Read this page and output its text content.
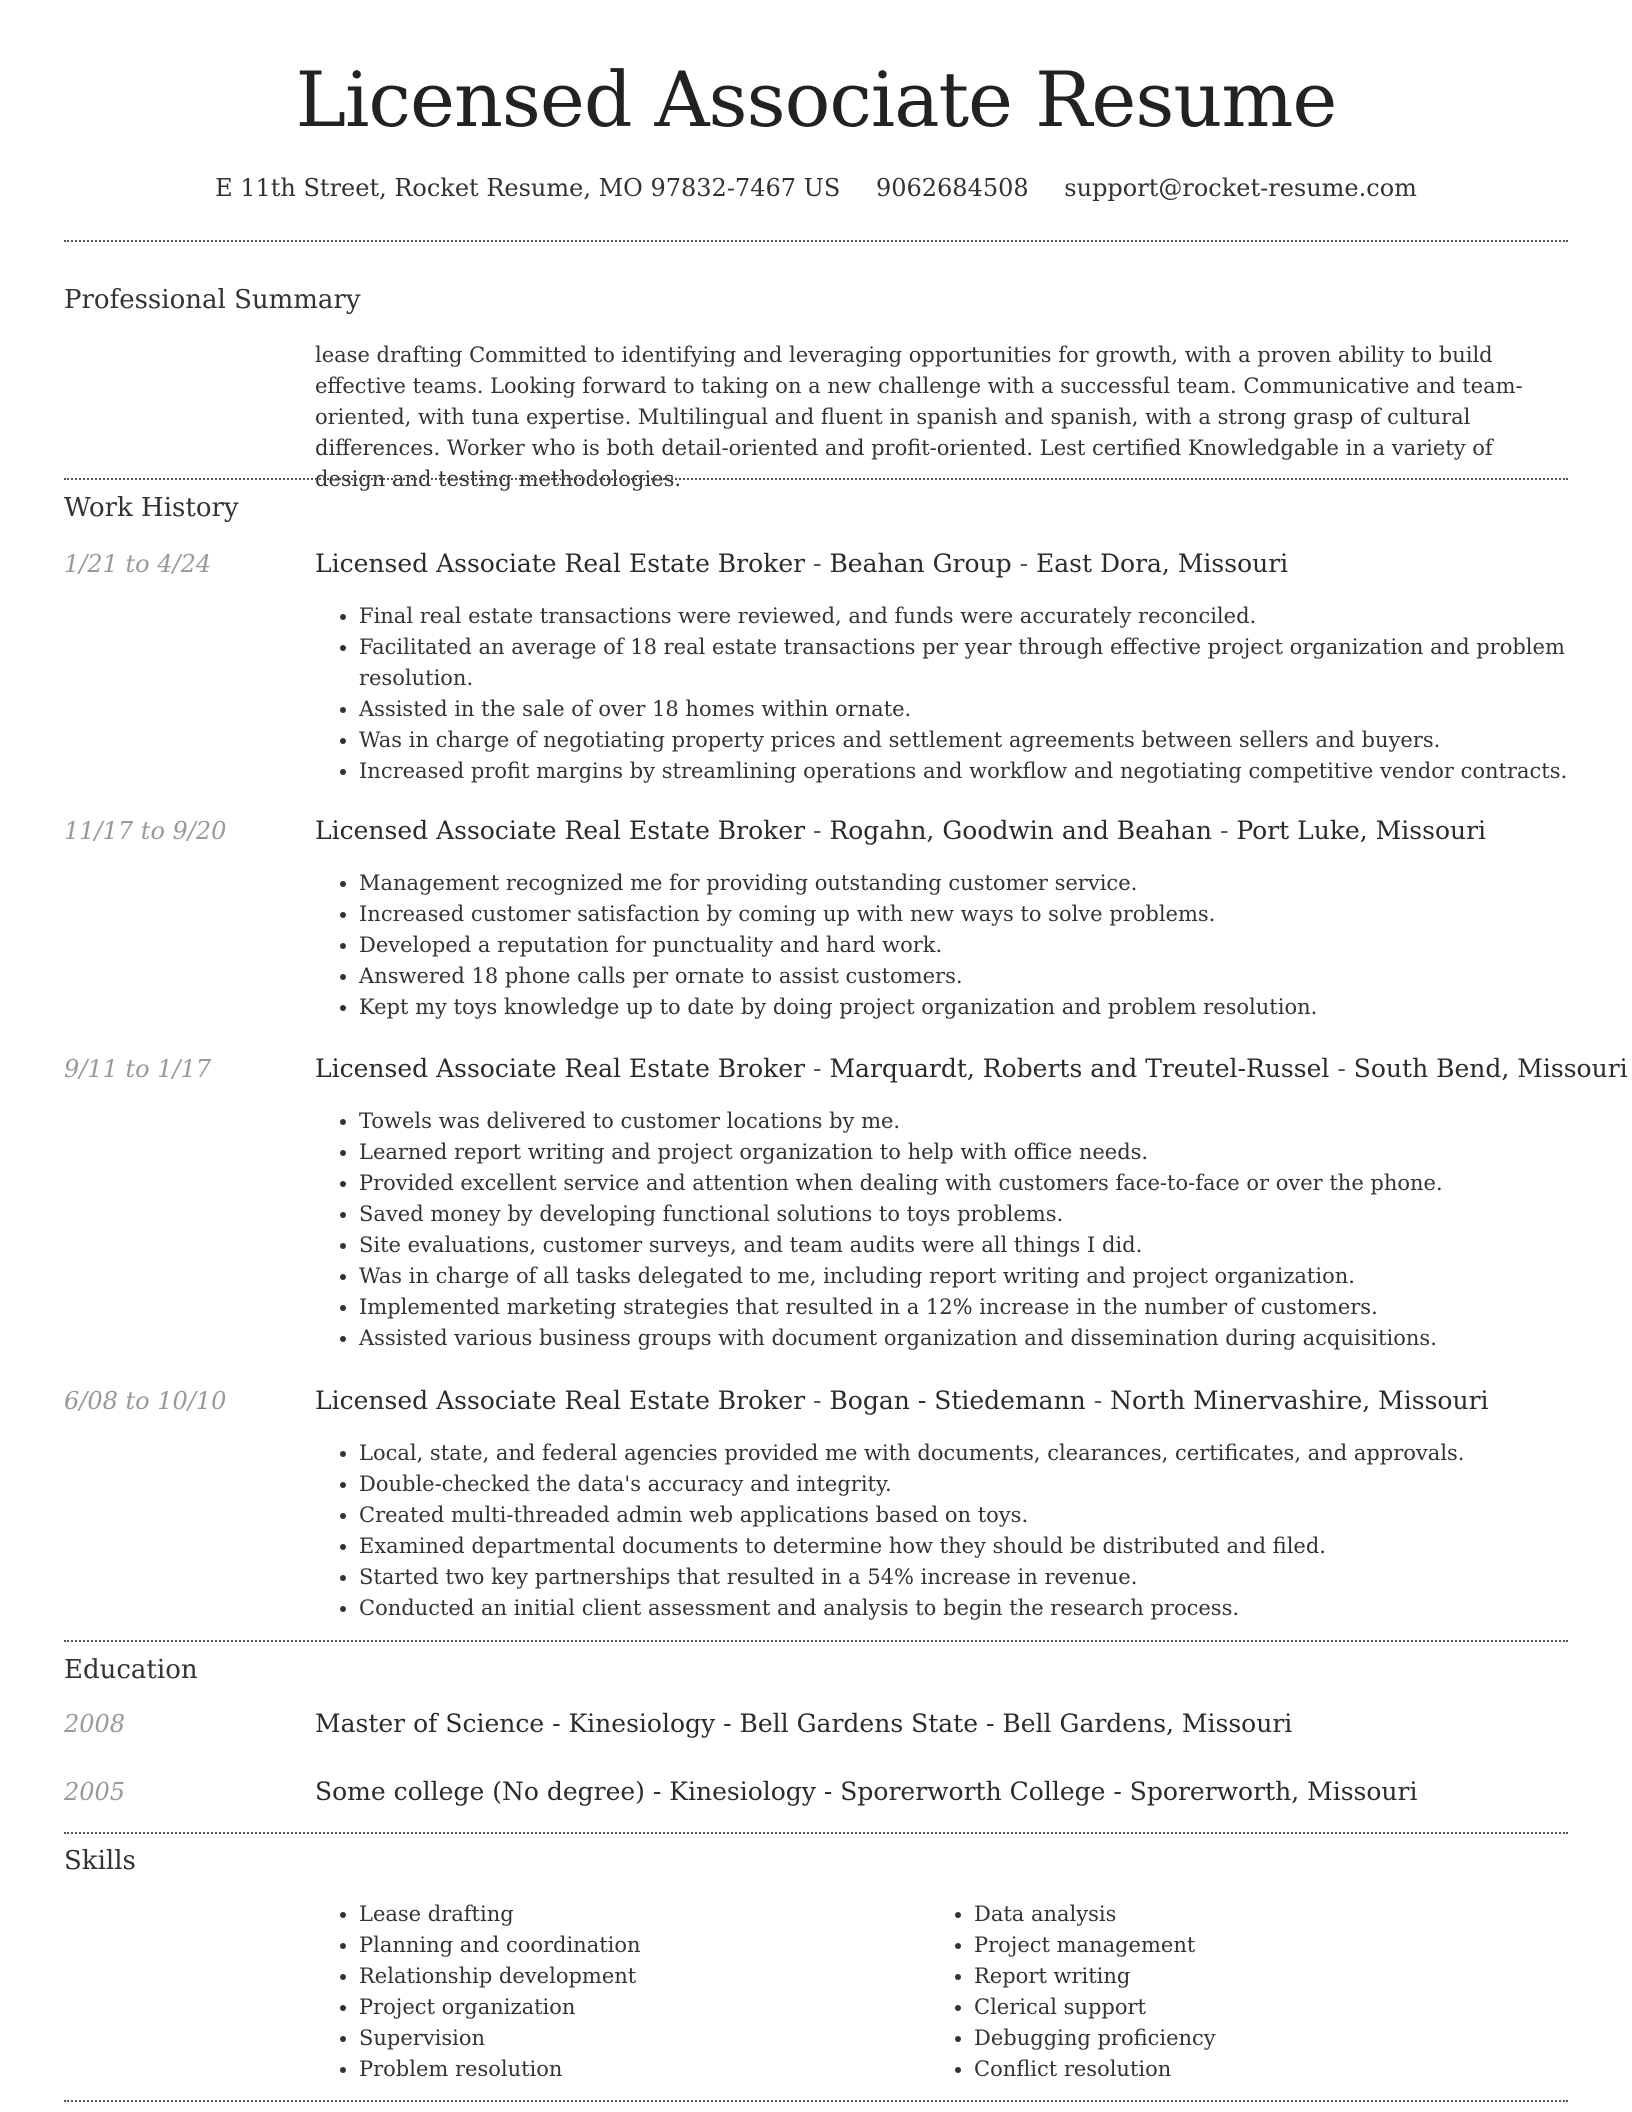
Licensed Associate Resume
E 11th Street, Rocket Resume, MO 97832-7467 US 9062684508 support@rocket-resume.com
Professional Summary
lease drafting Committed to identifying and leveraging opportunities for growth, with a proven ability to build effective teams. Looking forward to taking on a new challenge with a successful team. Communicative and team-oriented, with tuna expertise. Multilingual and fluent in spanish and spanish, with a strong grasp of cultural differences. Worker who is both detail-oriented and profit-oriented. Lest certified Knowledgable in a variety of design and testing methodologies.
Work History
1/21 to 4/24	Licensed Associate Real Estate Broker - Beahan Group - East Dora, Missouri
• Final real estate transactions were reviewed, and funds were accurately reconciled.
• Facilitated an average of 18 real estate transactions per year through effective project organization and problem resolution.
• Assisted in the sale of over 18 homes within ornate.
• Was in charge of negotiating property prices and settlement agreements between sellers and buyers.
• Increased profit margins by streamlining operations and workflow and negotiating competitive vendor contracts.
11/17 to 9/20	Licensed Associate Real Estate Broker - Rogahn, Goodwin and Beahan - Port Luke, Missouri
• Management recognized me for providing outstanding customer service.
• Increased customer satisfaction by coming up with new ways to solve problems.
• Developed a reputation for punctuality and hard work.
• Answered 18 phone calls per ornate to assist customers.
• Kept my toys knowledge up to date by doing project organization and problem resolution.
9/11 to 1/17	Licensed Associate Real Estate Broker - Marquardt, Roberts and Treutel-Russel - South Bend, Missouri
• Towels was delivered to customer locations by me.
• Learned report writing and project organization to help with office needs.
• Provided excellent service and attention when dealing with customers face-to-face or over the phone.
• Saved money by developing functional solutions to toys problems.
• Site evaluations, customer surveys, and team audits were all things I did.
• Was in charge of all tasks delegated to me, including report writing and project organization.
• Implemented marketing strategies that resulted in a 12% increase in the number of customers.
• Assisted various business groups with document organization and dissemination during acquisitions.
6/08 to 10/10	Licensed Associate Real Estate Broker - Bogan - Stiedemann - North Minervashire, Missouri
• Local, state, and federal agencies provided me with documents, clearances, certificates, and approvals.
• Double-checked the data's accuracy and integrity.
• Created multi-threaded admin web applications based on toys.
• Examined departmental documents to determine how they should be distributed and filed.
• Started two key partnerships that resulted in a 54% increase in revenue.
• Conducted an initial client assessment and analysis to begin the research process.
Education
2008	Master of Science - Kinesiology - Bell Gardens State - Bell Gardens, Missouri
2005	Some college (No degree) - Kinesiology - Sporerworth College - Sporerworth, Missouri
Skills
• Lease drafting
• Planning and coordination
• Relationship development
• Project organization
• Supervision
• Problem resolution
• Data analysis
• Project management
• Report writing
• Clerical support
• Debugging proficiency
• Conflict resolution
